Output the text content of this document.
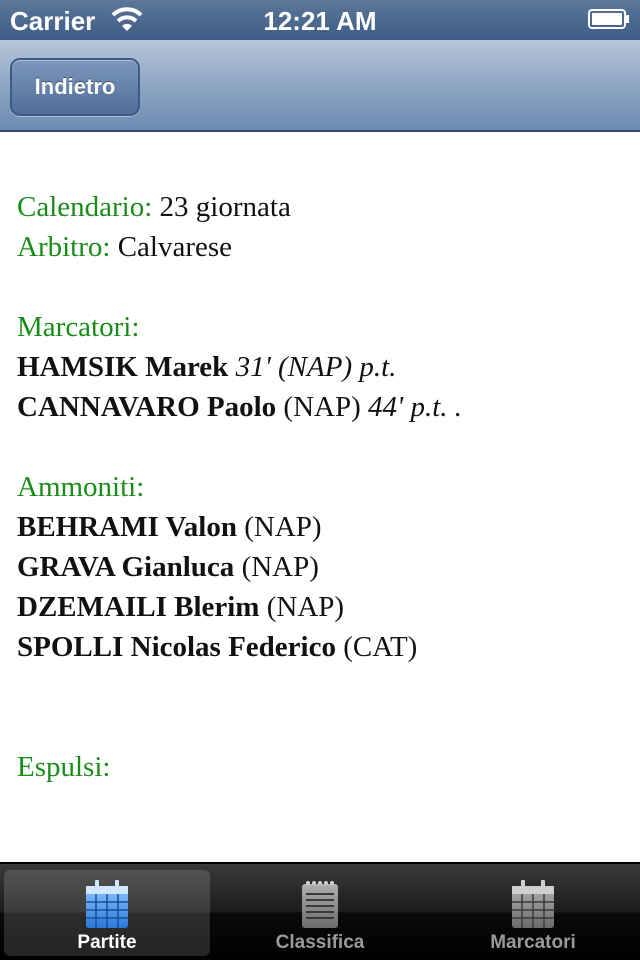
Carrier	12:21 AM
Indietro
Calendario: 23 giornata
Arbitro: Calvarese
Marcatori:
HAMSIK Marek 31' (NAP) p.t.
CANNAVARO Paolo (NAP) 44' p.t. .
Ammoniti:
BEHRAMI Valon (NAP)
GRAVA Gianluca (NAP)
DZEMAILI Blerim (NAP)
SPOLLI Nicolas Federico (CAT)
Espulsi:
Partite	Classifica	Marcatori
